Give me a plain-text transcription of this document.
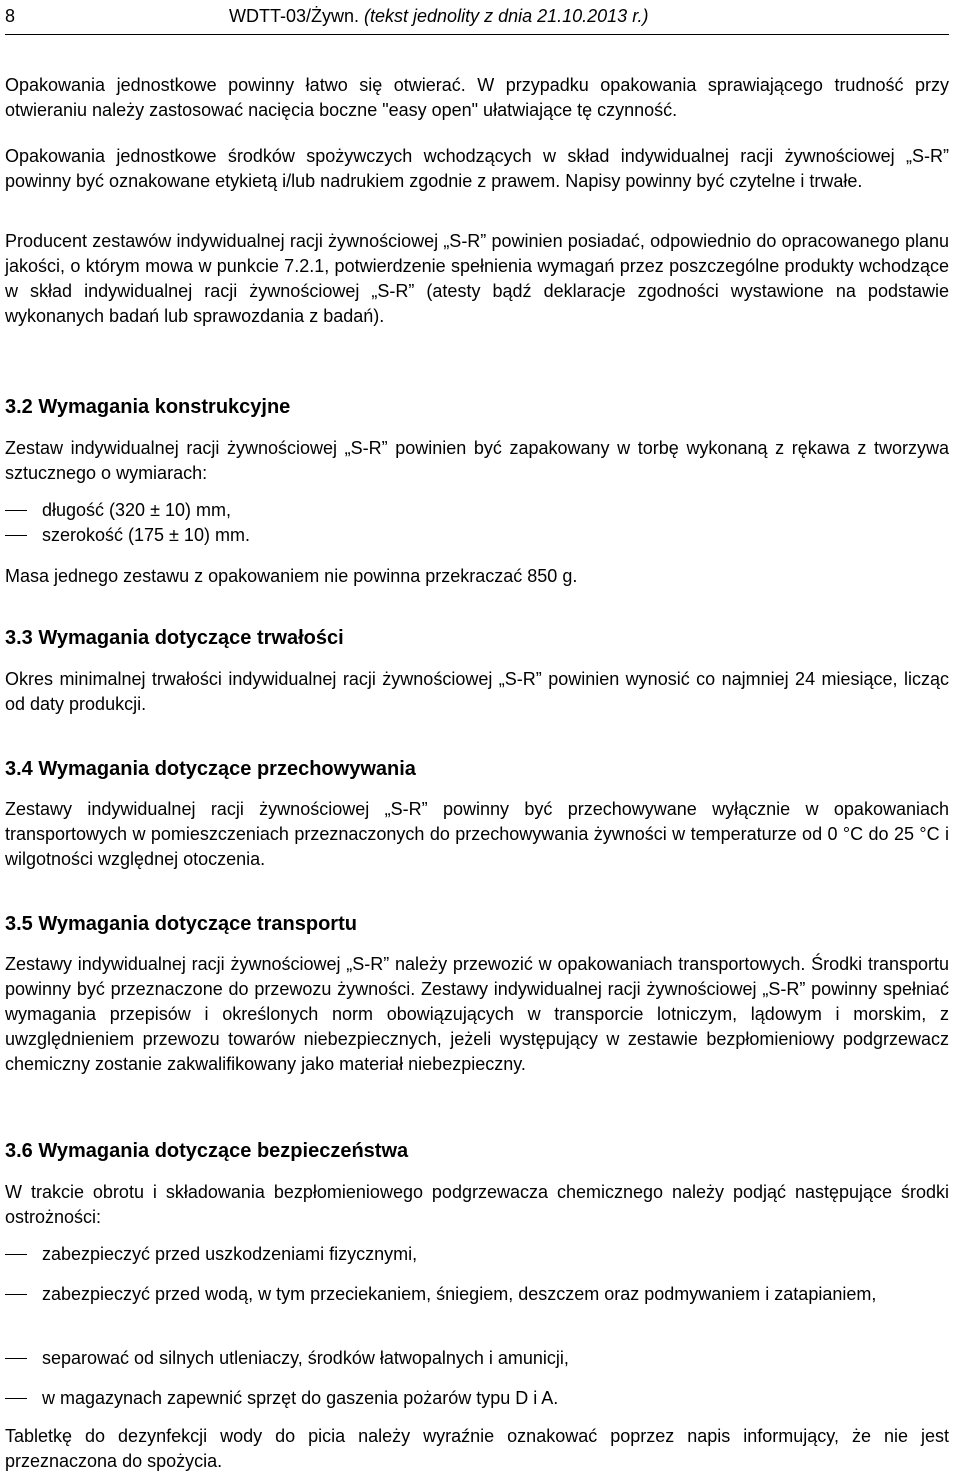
8	WDTT-03/Żywn. (tekst jednolity z dnia 21.10.2013 r.)

Opakowania jednostkowe powinny łatwo się otwierać. W przypadku opakowania sprawiającego trudność przy otwieraniu należy zastosować nacięcia boczne "easy open" ułatwiające tę czynność.

Opakowania jednostkowe środków spożywczych wchodzących w skład indywidualnej racji żywnościowej „S-R” powinny być oznakowane etykietą i/lub nadrukiem zgodnie z prawem. Napisy powinny być czytelne i trwałe.

Producent zestawów indywidualnej racji żywnościowej „S-R” powinien posiadać, odpowiednio do opracowanego planu jakości, o którym mowa w punkcie 7.2.1, potwierdzenie spełnienia wymagań przez poszczególne produkty wchodzące w skład indywidualnej racji żywnościowej „S-R” (atesty bądź deklaracje zgodności wystawione na podstawie wykonanych badań lub sprawozdania z badań).

3.2 Wymagania konstrukcyjne

Zestaw indywidualnej racji żywnościowej „S-R” powinien być zapakowany w torbę wykonaną z rękawa z tworzywa sztucznego o wymiarach:

długość (320 ± 10) mm,
szerokość (175 ± 10) mm.

Masa jednego zestawu z opakowaniem nie powinna przekraczać 850 g.

3.3 Wymagania dotyczące trwałości

Okres minimalnej trwałości indywidualnej racji żywnościowej „S-R” powinien wynosić co najmniej 24 miesiące, licząc od daty produkcji.

3.4 Wymagania dotyczące przechowywania

Zestawy indywidualnej racji żywnościowej „S-R” powinny być przechowywane wyłącznie w opakowaniach transportowych w pomieszczeniach przeznaczonych do przechowywania żywności w temperaturze od 0 °C do 25 °C i wilgotności względnej otoczenia.

3.5 Wymagania dotyczące transportu

Zestawy indywidualnej racji żywnościowej „S-R” należy przewozić w opakowaniach transportowych. Środki transportu powinny być przeznaczone do przewozu żywności. Zestawy indywidualnej racji żywnościowej „S-R” powinny spełniać wymagania przepisów i określonych norm obowiązujących w transporcie lotniczym, lądowym i morskim, z uwzględnieniem przewozu towarów niebezpiecznych, jeżeli występujący w zestawie bezpłomieniowy podgrzewacz chemiczny zostanie zakwalifikowany jako materiał niebezpieczny.

3.6 Wymagania dotyczące bezpieczeństwa

W trakcie obrotu i składowania bezpłomieniowego podgrzewacza chemicznego należy podjąć następujące środki ostrożności:

zabezpieczyć przed uszkodzeniami fizycznymi,
zabezpieczyć przed wodą, w tym przeciekaniem, śniegiem, deszczem oraz podmywaniem i zatapianiem,
separować od silnych utleniaczy, środków łatwopalnych i amunicji,
w magazynach zapewnić sprzęt do gaszenia pożarów typu D i A.

Tabletkę do dezynfekcji wody do picia należy wyraźnie oznakować poprzez napis informujący, że nie jest przeznaczona do spożycia.
